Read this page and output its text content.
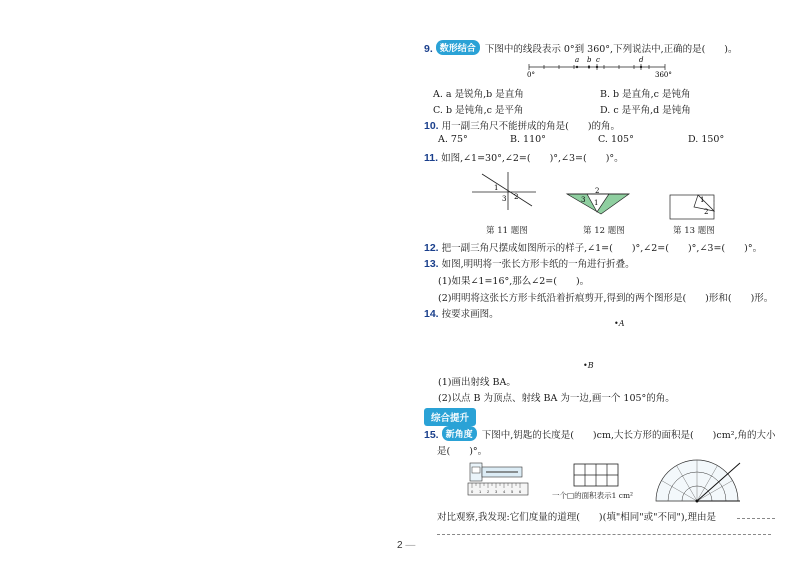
9. 数形结合 下图中的线段表示 0°到 360°,下列说法中,正确的是(　　)。
a b c	d
0°	360°
A. a 是锐角,b 是直角	B. b 是直角,c 是钝角
C. b 是钝角,c 是平角	D. c 是平角,d 是钝角
10. 用一副三角尺不能拼成的角是(　　)的角。
A. 75°	B. 110°	C. 105°	D. 150°
11. 如图,∠1=30°,∠2=(　　)°,∠3=(　　)°。
1
2
3	3
2
1	1
2
第 11 题图	第 12 题图	第 13 题图
12. 把一副三角尺摆成如图所示的样子,∠1=(　　)°,∠2=(　　)°,∠3=(　　)°。
13. 如图,明明将一张长方形卡纸的一角进行折叠。
(1)如果∠1=16°,那么∠2=(　　)。
(2)明明将这张长方形卡纸沿着折痕剪开,得到的两个图形是(　　)形和(　　)形。
14. 按要求画图。
•A
•B
(1)画出射线 BA。
(2)以点 B 为顶点、射线 BA 为一边,画一个 105°的角。
综合提升
15. 新角度 下图中,钥匙的长度是(　　)cm,大长方形的面积是(　　)cm²,角的大小
是(　　)°。
0 1 2 3 4 5 6	一个□的面积表示1 cm²
对比观察,我发现:它们度量的道理(　　)(填"相同"或"不同"),理由是
2 —
